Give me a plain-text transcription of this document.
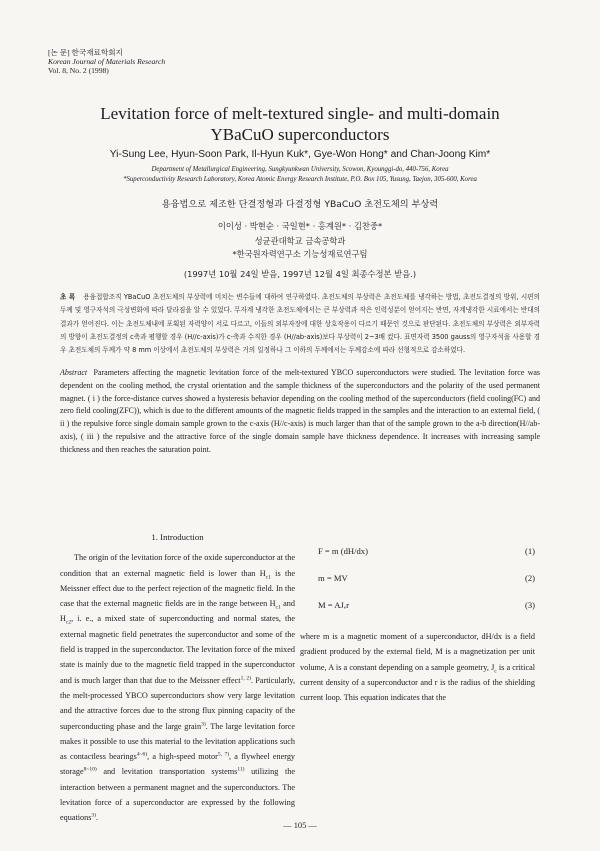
[논 문] 한국재료학회지
Korean Journal of Materials Research
Vol. 8, No. 2 (1998)
Levitation force of melt-textured single- and multi-domain
YBaCuO superconductors
Yi-Sung Lee, Hyun-Soon Park, Il-Hyun Kuk*, Gye-Won Hong* and Chan-Joong Kim*
Department of Metallurgical Engineering, Sungkyunkwan University, Scowon, Kyounggi-do, 440-756, Korea
*Superconductivity Research Laboratory, Korea Atomic Energy Research Institute, P.O. Box 105, Yusung, Taejon, 305-600, Korea
용융법으로 제조한 단결정형과 다결정형 YBaCuO 초전도체의 부상력
이이성 · 박현순 · 국일현* · 홍계원* · 김찬중*
성균관대학교 금속공학과
*한국원자력연구소 기능성재료연구팀
(1997년 10월 24일 받음, 1997년 12월 4일 최종수정본 받음.)
초 록 용융접합조직 YBaCuO 초전도체의 부상력에 미치는 변수들에 대하여 연구하였다. 초전도체의 부상력은 초전도체를 냉각하는 방법, 초전도결정의 방위, 시편의 두께 및 영구자석의 극성변화에 따라 달라짐을 알 수 있었다. 무자계 냉각한 초전도체에서는 큰 부상력과 작은 인력성분이 얻어지는 반면, 자계냉각한 시료에서는 반대의 결과가 얻어진다. 이는 초전도체내에 포획된 자력양이 서로 다르고, 이들의 외부자장에 대한 상호작용이 다르기 때문인 것으로 판단된다. 초전도체의 부상력은 외부자력의 방향이 초전도결정의 c축과 평행할 경우 (H//c-axis)가 c-축과 수직한 경우 (H//ab-axis)보다 부상력이 2~3배 컸다. 표면자력 3500 gauss의 영구자석을 사용할 경우 초전도체의 두께가 약 8 mm 이상에서 초전도체의 부상력은 거의 일정하나 그 이하의 두께에서는 두께감소에 따라 선형적으로 감소하였다.
Abstract Parameters affecting the magnetic levitation force of the melt-textured YBCO superconductors were studied. The levitation force was dependent on the cooling method, the crystal orientation and the sample thickness of the superconductors and the polarity of the used permanent magnet. ( i ) the force-distance curves showed a hysteresis behavior depending on the cooling method of the superconductors (field cooling(FC) and zero field cooling(ZFC)), which is due to the different amounts of the magnetic fields trapped in the samples and the interaction to an external field, ( ii ) the repulsive force single domain sample grown to the c-axis (H//c-axis) is much larger than that of the sample grown to the a-b direction(H//ab-axis), ( iii ) the repulsive and the attractive force of the single domain sample have thickness dependence. It increases with increasing sample thickness and then reaches the saturation point.
1. Introduction

The origin of the levitation force of the oxide superconductor at the condition that an external magnetic field is lower than $H_{c1}$ is the Meissner effect due to the perfect rejection of the magnetic field. In the case that the external magnetic fields are in the range between $H_{c1}$ and $H_{c2}$, i. e., a mixed state of superconducting and normal states, the external magnetic field penetrates the superconductor and some of the field is trapped in the superconductor. The levitation force of the mixed state is mainly due to the magnetic field trapped in the superconductor and is much larger than that due to the Meissner effect$^{1, 2)}$. Particularly, the melt-processed YBCO superconductors show very large levitation and the attractive forces due to the strong flux pinning capacity of the superconducting phase and the large grain$^{3)}$. The large levitation force makes it possible to use this material to the levitation applications such as contactless bearings$^{4\sim 6)}$, a high-speed motor$^{5, 7)}$, a flywheel energy storage$^{8\sim 10)}$ and levitation transportation systems$^{11)}$ utilizing the interaction between a permanent magnet and the superconductors. The levitation force of a superconductor are expressed by the following equations$^{3)}$.

F = m (dH/dx)	(1)
m = MV	(2)
M = AJₑr	(3)

where m is a magnetic moment of a superconductor, dH/dx is a field gradient produced by the external field, M is a magnetization per unit volume, A is a constant depending on a sample geometry, $J_c$ is a critical current density of a superconductor and r is the radius of the shielding current loop. This equation indicates that the

— 105 —
